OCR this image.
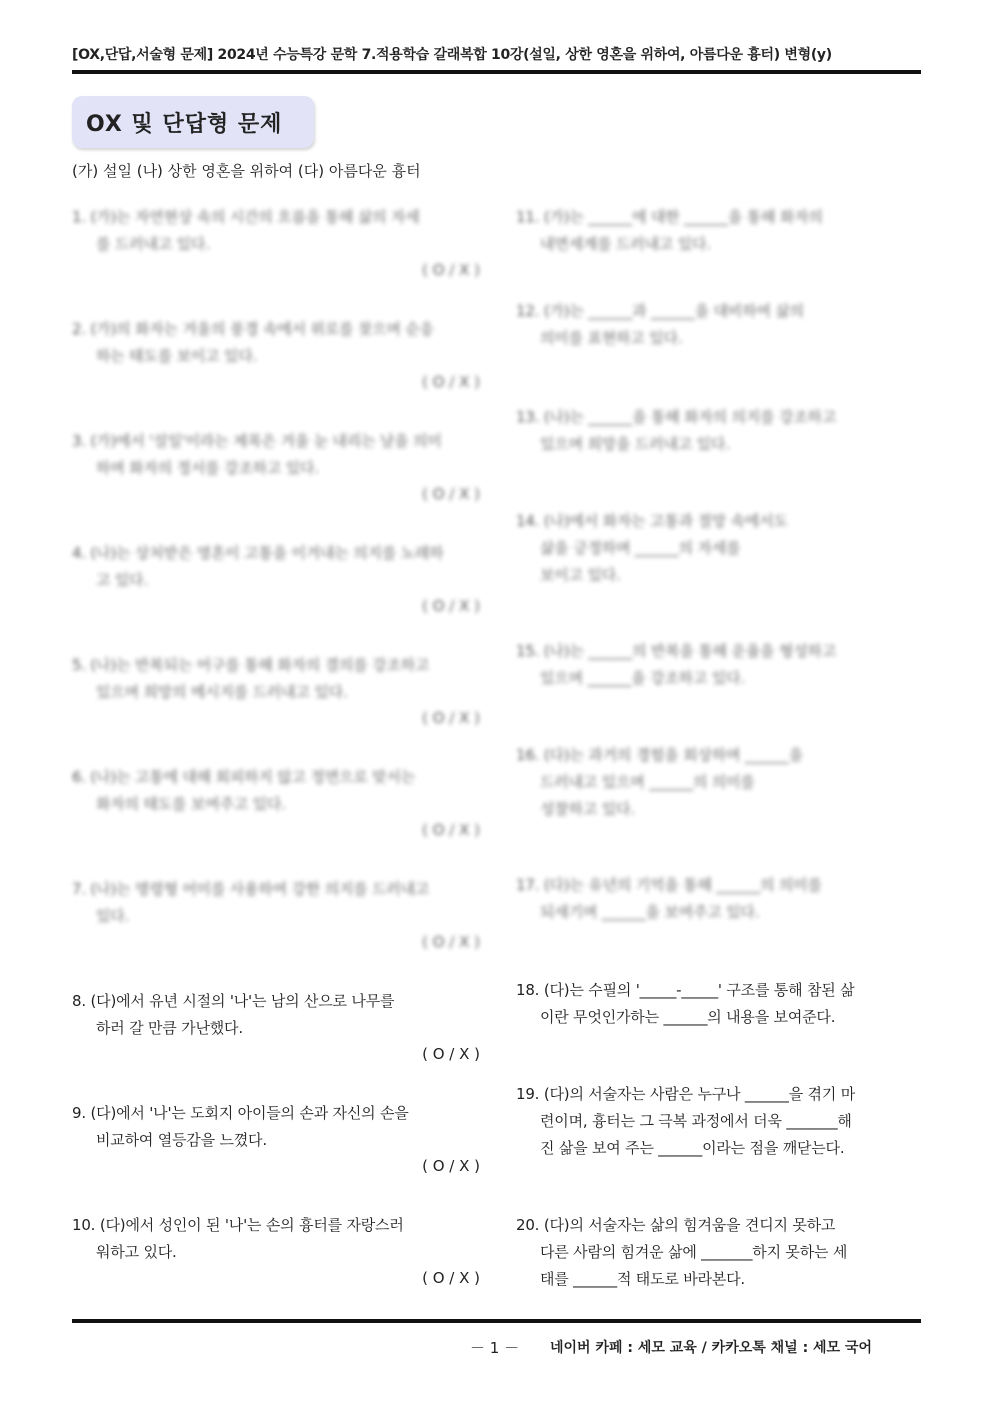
[OX,단답,서술형 문제] 2024년 수능특강 문학 7.적용학습 갈래복합 10강(설일, 상한 영혼을 위하여, 아름다운 흉터) 변형(y)
OX 및 단답형 문제
(가) 설일 (나) 상한 영혼을 위하여 (다) 아름다운 흉터
1. (가)는 자연현상 속의 시간의 흐름을 통해 삶의 자세
를 드러내고 있다.
( O / X )
2. (가)의 화자는 겨울의 풍경 속에서 위로를 찾으며 순응
하는 태도를 보이고 있다.
( O / X )
3. (가)에서 '설일'이라는 제목은 겨울 눈 내리는 날을 의미
하며 화자의 정서를 강조하고 있다.
( O / X )
4. (나)는 상처받은 영혼이 고통을 이겨내는 의지를 노래하
고 있다.
( O / X )
5. (나)는 반복되는 어구를 통해 화자의 결의를 강조하고
있으며 희망의 메시지를 드러내고 있다.
( O / X )
6. (나)는 고통에 대해 회피하지 않고 정면으로 맞서는
화자의 태도를 보여주고 있다.
( O / X )
7. (나)는 명령형 어미를 사용하여 강한 의지를 드러내고
있다.
( O / X )
8. (다)에서 유년 시절의 '나'는 남의 산으로 나무를
하러 갈 만큼 가난했다.
( O / X )
9. (다)에서 '나'는 도회지 아이들의 손과 자신의 손을
비교하여 열등감을 느꼈다.
( O / X )
10. (다)에서 성인이 된 '나'는 손의 흉터를 자랑스러
워하고 있다.
( O / X )
11. (가)는 ______에 대한 ______을 통해 화자의
내면세계를 드러내고 있다.
12. (가)는 ______과 ______을 대비하여 삶의
의미를 표현하고 있다.
13. (나)는 ______을 통해 화자의 의지를 강조하고
있으며 희망을 드러내고 있다.
14. (나)에서 화자는 고통과 절망 속에서도
삶을 긍정하며 ______의 자세를
보이고 있다.
15. (나)는 ______의 반복을 통해 운율을 형성하고
있으며 ______을 강조하고 있다.
16. (다)는 과거의 경험을 회상하며 ______을
드러내고 있으며 ______의 의미를
성찰하고 있다.
17. (다)는 유년의 기억을 통해 ______의 의미를
되새기며 ______을 보여주고 있다.
18. (다)는 수필의 '_____-_____' 구조를 통해 참된 삶
이란 무엇인가하는 ______의 내용을 보여준다.
19. (다)의 서술자는 사람은 누구나 ______을 겪기 마
련이며, 흉터는 그 극복 과정에서 더욱 _______해
진 삶을 보여 주는 ______이라는 점을 깨닫는다.
20. (다)의 서술자는 삶의 힘겨움을 견디지 못하고
다른 사람의 힘겨운 삶에 _______하지 못하는 세
태를 ______적 태도로 바라본다.
－ 1 － 네이버 카페 : 세모 교육 / 카카오톡 채널 : 세모 국어
